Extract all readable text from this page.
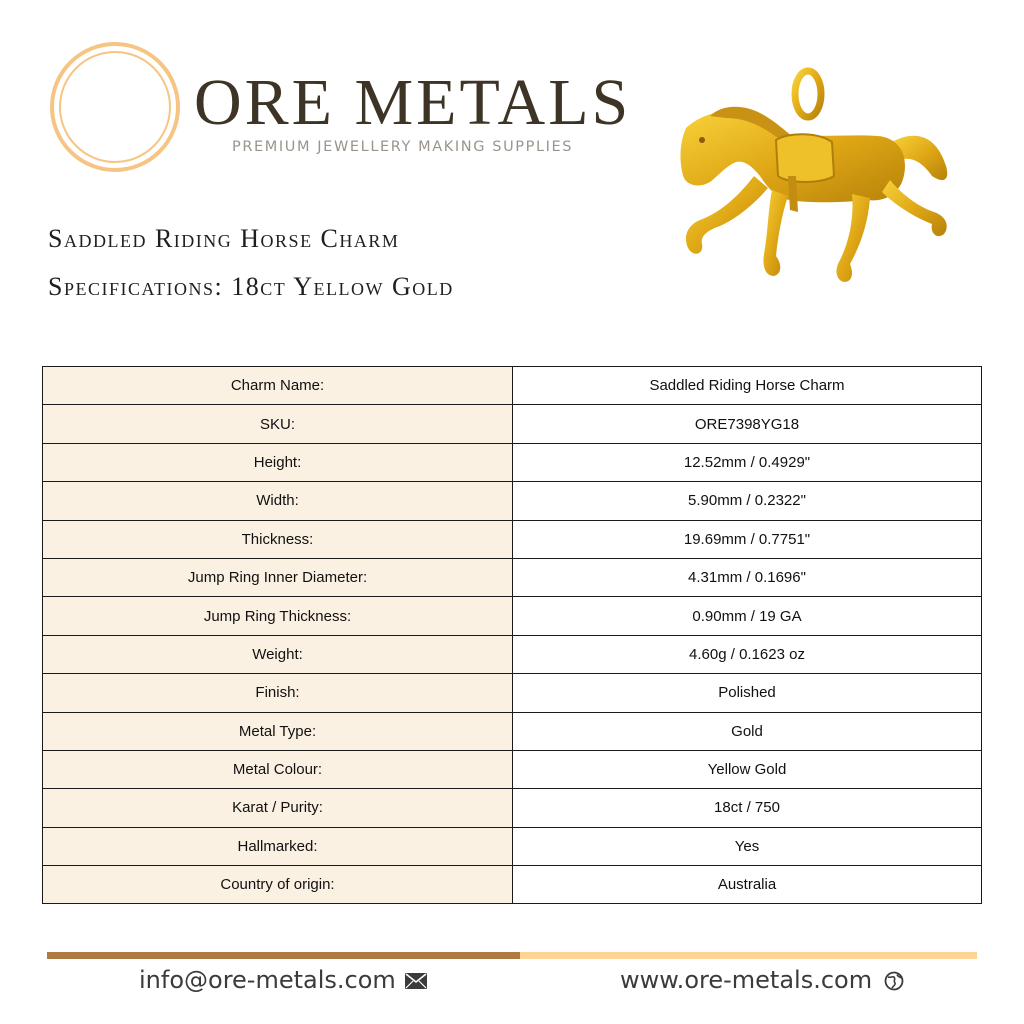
ORE METALS
PREMIUM JEWELLERY MAKING SUPPLIES
Saddled Riding Horse Charm
Specifications: 18ct Yellow Gold
Charm Name:	Saddled Riding Horse Charm
SKU:	ORE7398YG18
Height:	12.52mm / 0.4929"
Width:	5.90mm / 0.2322"
Thickness:	19.69mm / 0.7751"
Jump Ring Inner Diameter:	4.31mm / 0.1696"
Jump Ring Thickness:	0.90mm / 19 GA
Weight:	4.60g / 0.1623 oz
Finish:	Polished
Metal Type:	Gold
Metal Colour:	Yellow Gold
Karat / Purity:	18ct / 750
Hallmarked:	Yes
Country of origin:	Australia
info@ore-metals.com	www.ore-metals.com
